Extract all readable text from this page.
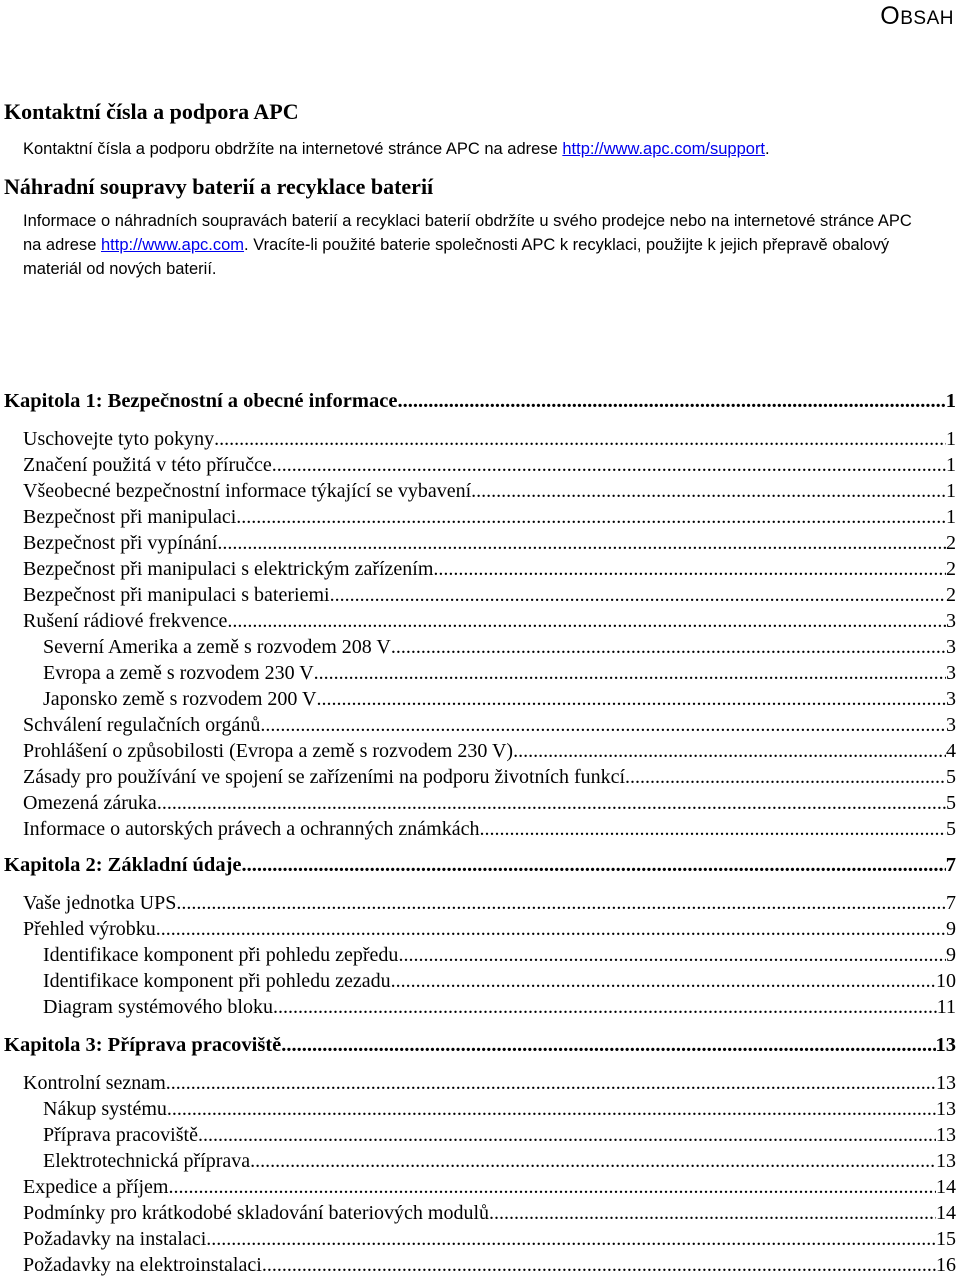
OBSAH
Kontaktní čísla a podpora APC
Kontaktní čísla a podporu obdržíte na internetové stránce APC na adrese http://www.apc.com/support.
Náhradní soupravy baterií a recyklace baterií
Informace o náhradních soupravách baterií a recyklaci baterií obdržíte u svého prodejce nebo na internetové stránce APC na adrese http://www.apc.com. Vracíte-li použité baterie společnosti APC k recyklaci, použijte k jejich přepravě obalový materiál od nových baterií.
Kapitola 1: Bezpečnostní a obecné informace .....	1
Uschovejte tyto pokyny .....	1
Značení použitá v této příručce .....	1
Všeobecné bezpečnostní informace týkající se vybavení .....	1
Bezpečnost při manipulaci .....	1
Bezpečnost při vypínání .....	2
Bezpečnost při manipulaci s elektrickým zařízením .....	2
Bezpečnost při manipulaci s bateriemi .....	2
Rušení rádiové frekvence .....	3
Severní Amerika a země s rozvodem 208 V .....	3
Evropa a země s rozvodem 230 V .....	3
Japonsko země s rozvodem 200 V .....	3
Schválení regulačních orgánů .....	3
Prohlášení o způsobilosti (Evropa a země s rozvodem 230 V) .....	4
Zásady pro používání ve spojení se zařízeními na podporu životních funkcí .....	5
Omezená záruka .....	5
Informace o autorských právech a ochranných známkách .....	5
Kapitola 2: Základní údaje .....	7
Vaše jednotka UPS .....	7
Přehled výrobku .....	9
Identifikace komponent při pohledu zepředu .....	9
Identifikace komponent při pohledu zezadu .....	10
Diagram systémového bloku .....	11
Kapitola 3: Příprava pracoviště .....	13
Kontrolní seznam .....	13
Nákup systému .....	13
Příprava pracoviště .....	13
Elektrotechnická příprava .....	13
Expedice a příjem .....	14
Podmínky pro krátkodobé skladování bateriových modulů .....	14
Požadavky na instalaci .....	15
Požadavky na elektroinstalaci .....	16
